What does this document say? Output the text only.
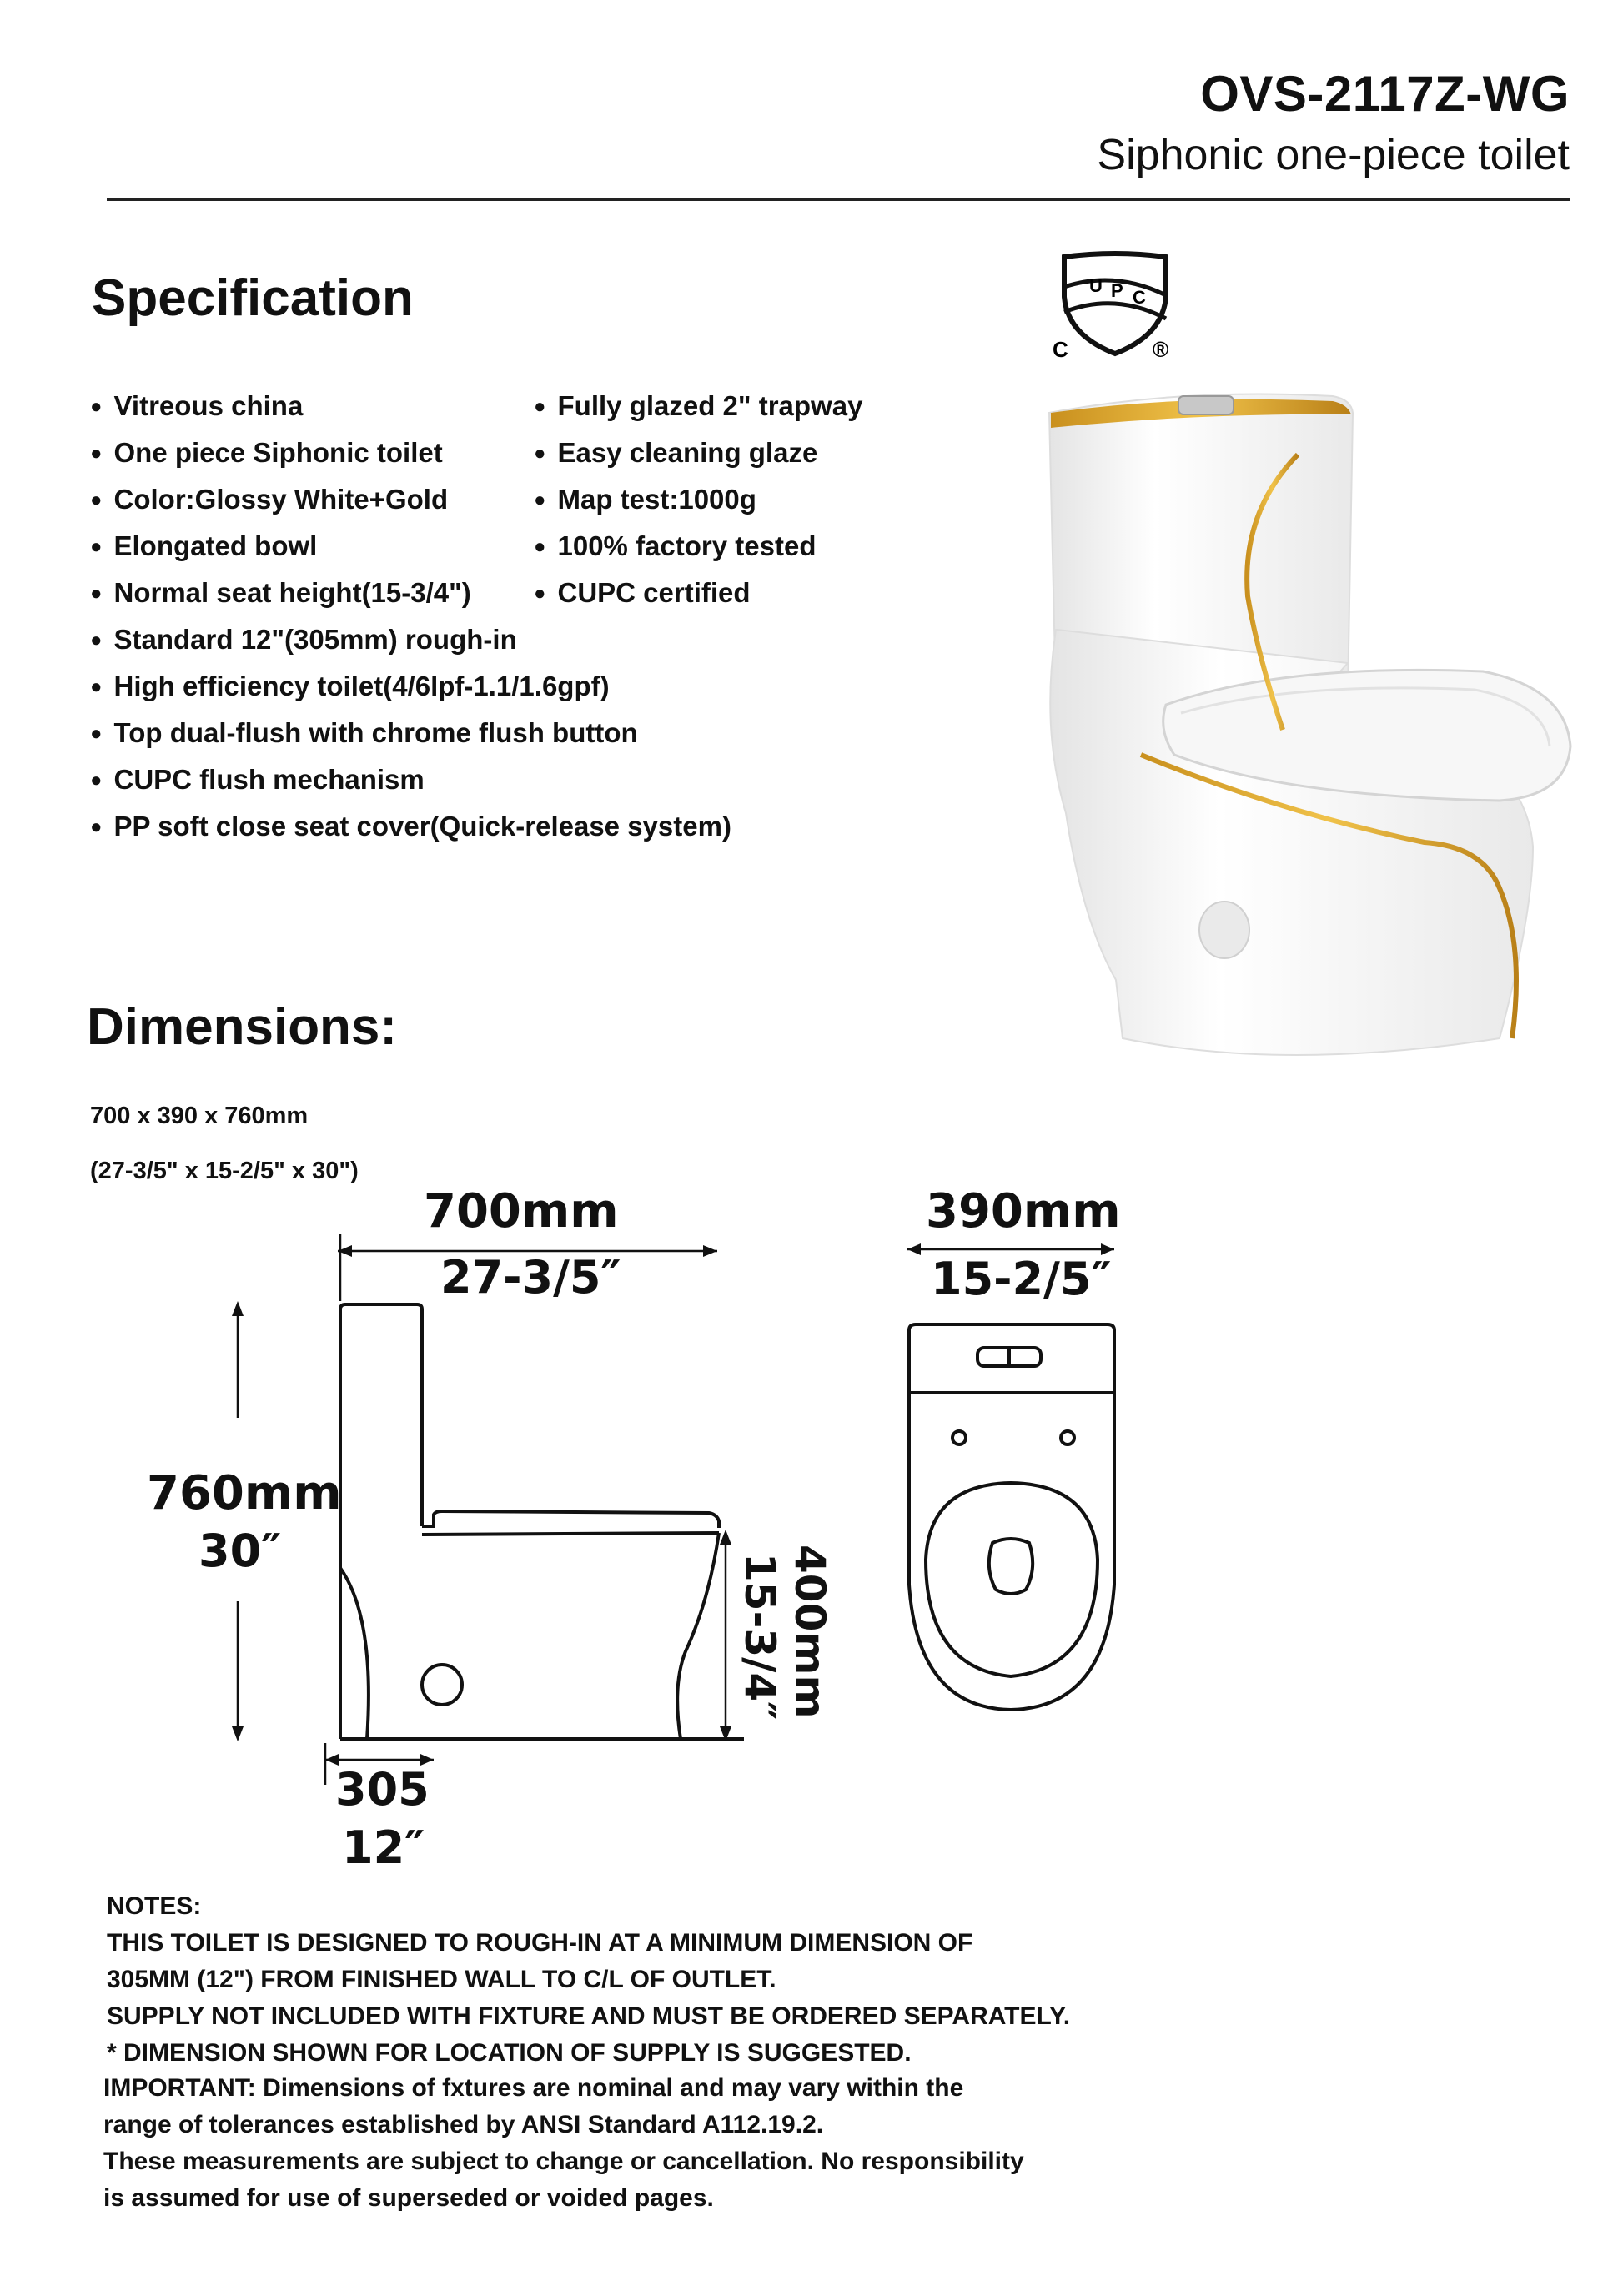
OVS-2117Z-WG
Siphonic one-piece toilet
Specification
● Vitreous china
● One piece Siphonic toilet
● Color:Glossy White+Gold
● Elongated bowl
● Normal seat height(15-3/4")
● Standard 12"(305mm) rough-in
● High efficiency toilet(4/6lpf-1.1/1.6gpf)
● Top dual-flush with chrome flush button
● CUPC flush mechanism
● PP soft close seat cover(Quick-release system)
● Fully glazed 2" trapway
● Easy cleaning glaze
● Map test:1000g
● 100% factory tested
● CUPC certified
U P C
C	®
Dimensions:
700 x 390 x 760mm
(27-3/5" x 15-2/5" x 30")
700mm
27-3/5″
760mm
30″
305
12″
400mm
15-3/4″
390mm
15-2/5″
NOTES:
THIS TOILET IS DESIGNED TO ROUGH-IN AT A MINIMUM DIMENSION OF
305MM (12") FROM FINISHED WALL TO C/L OF OUTLET.
SUPPLY NOT INCLUDED WITH FIXTURE AND MUST BE ORDERED SEPARATELY.
* DIMENSION SHOWN FOR LOCATION OF SUPPLY IS SUGGESTED.
IMPORTANT: Dimensions of fxtures are nominal and may vary within the
range of tolerances established by ANSI Standard A112.19.2.
These measurements are subject to change or cancellation. No responsibility
is assumed for use of superseded or voided pages.
